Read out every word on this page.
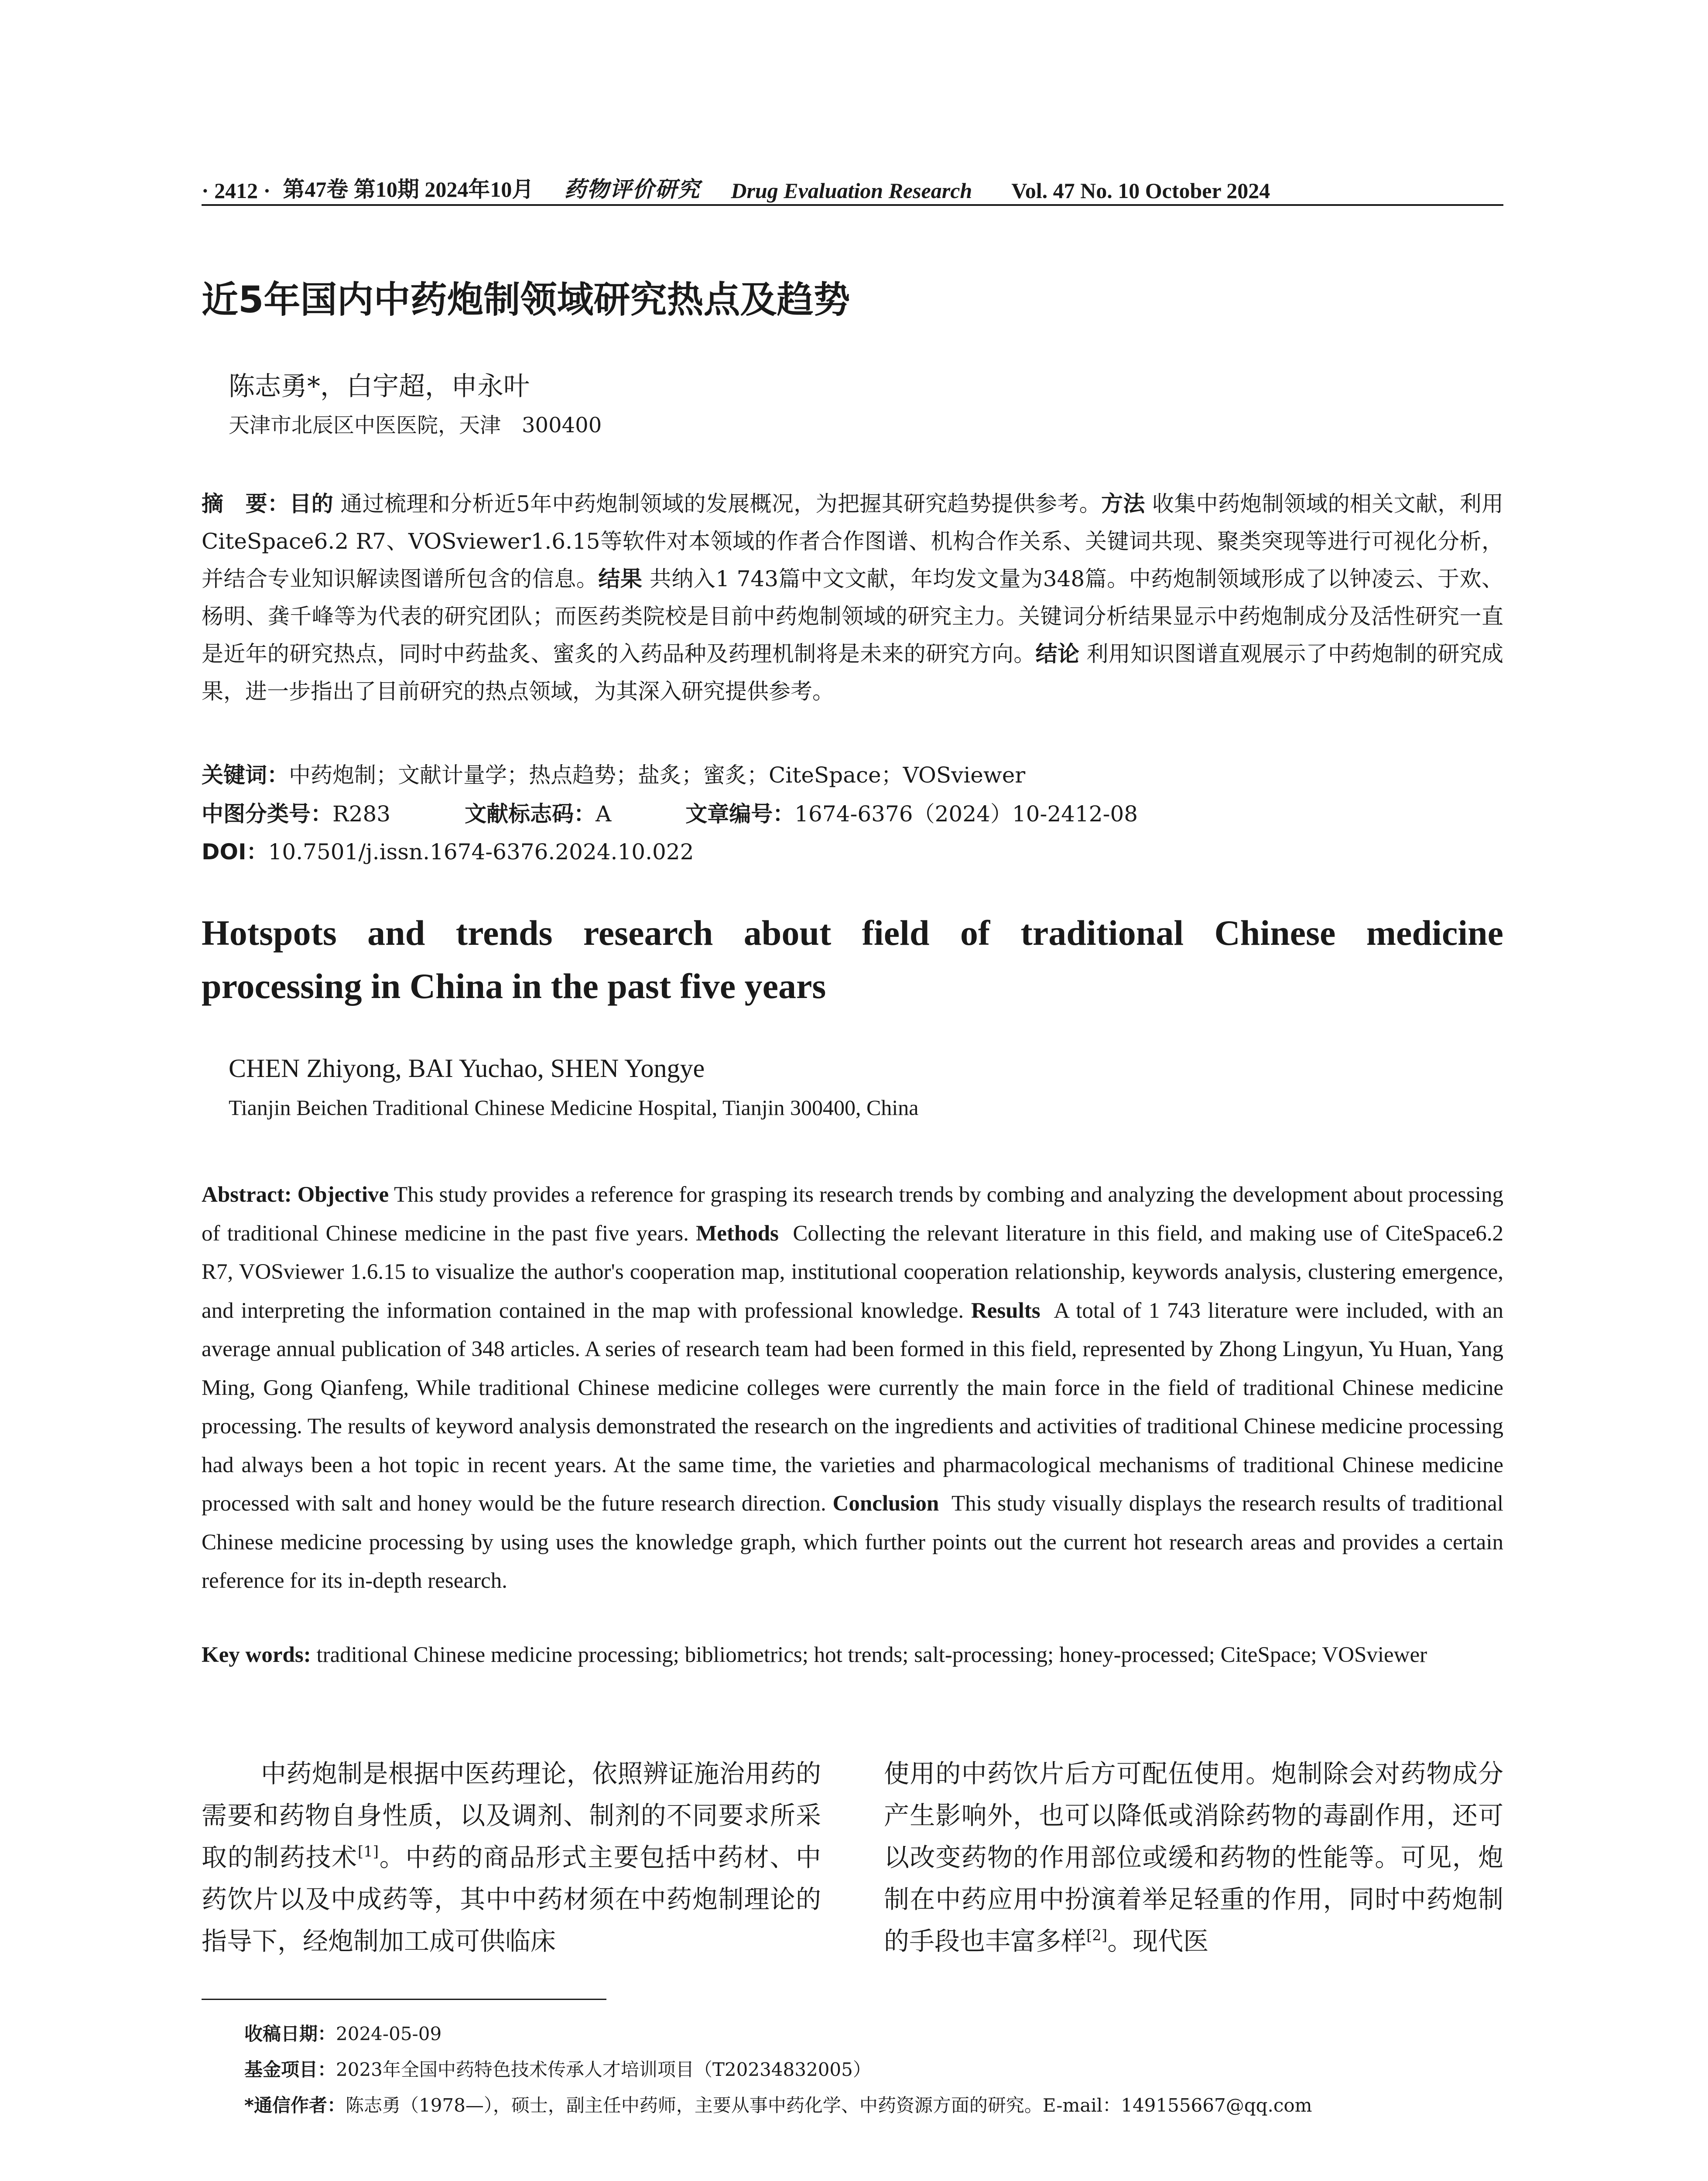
· 2412 · 第47卷 第10期 2024年10月 药物评价研究 Drug Evaluation Research Vol. 47 No. 10 October 2024
近5年国内中药炮制领域研究热点及趋势
陈志勇*，白宇超，申永叶
天津市北辰区中医医院，天津　300400
摘　要：目的 通过梳理和分析近5年中药炮制领域的发展概况，为把握其研究趋势提供参考。方法 收集中药炮制领域的相关文献，利用CiteSpace6.2 R7、VOSviewer1.6.15等软件对本领域的作者合作图谱、机构合作关系、关键词共现、聚类突现等进行可视化分析，并结合专业知识解读图谱所包含的信息。结果 共纳入1 743篇中文文献，年均发文量为348篇。中药炮制领域形成了以钟凌云、于欢、杨明、龚千峰等为代表的研究团队；而医药类院校是目前中药炮制领域的研究主力。关键词分析结果显示中药炮制成分及活性研究一直是近年的研究热点，同时中药盐炙、蜜炙的入药品种及药理机制将是未来的研究方向。结论 利用知识图谱直观展示了中药炮制的研究成果，进一步指出了目前研究的热点领域，为其深入研究提供参考。
关键词：中药炮制；文献计量学；热点趋势；盐炙；蜜炙；CiteSpace；VOSviewer
中图分类号：R283	文献标志码：A	文章编号：1674-6376（2024）10-2412-08
DOI：10.7501/j.issn.1674-6376.2024.10.022
Hotspots and trends research about field of traditional Chinese medicine
processing in China in the past five years
CHEN Zhiyong, BAI Yuchao, SHEN Yongye
Tianjin Beichen Traditional Chinese Medicine Hospital, Tianjin 300400, China
Abstract: Objective This study provides a reference for grasping its research trends by combing and analyzing the development about processing of traditional Chinese medicine in the past five years. Methods Collecting the relevant literature in this field, and making use of CiteSpace6.2 R7, VOSviewer 1.6.15 to visualize the author's cooperation map, institutional cooperation relationship, keywords analysis, clustering emergence, and interpreting the information contained in the map with professional knowledge. Results A total of 1 743 literature were included, with an average annual publication of 348 articles. A series of research team had been formed in this field, represented by Zhong Lingyun, Yu Huan, Yang Ming, Gong Qianfeng, While traditional Chinese medicine colleges were currently the main force in the field of traditional Chinese medicine processing. The results of keyword analysis demonstrated the research on the ingredients and activities of traditional Chinese medicine processing had always been a hot topic in recent years. At the same time, the varieties and pharmacological mechanisms of traditional Chinese medicine processed with salt and honey would be the future research direction. Conclusion This study visually displays the research results of traditional Chinese medicine processing by using uses the knowledge graph, which further points out the current hot research areas and provides a certain reference for its in-depth research.
Key words: traditional Chinese medicine processing; bibliometrics; hot trends; salt-processing; honey-processed; CiteSpace; VOSviewer
中药炮制是根据中医药理论，依照辨证施治用药的需要和药物自身性质，以及调剂、制剂的不同要求所采取的制药技术[1]。中药的商品形式主要包括中药材、中药饮片以及中成药等，其中中药材须在中药炮制理论的指导下，经炮制加工成可供临床
使用的中药饮片后方可配伍使用。炮制除会对药物成分产生影响外，也可以降低或消除药物的毒副作用，还可以改变药物的作用部位或缓和药物的性能等。可见，炮制在中药应用中扮演着举足轻重的作用，同时中药炮制的手段也丰富多样[2]。现代医
收稿日期：2024-05-09
基金项目：2023年全国中药特色技术传承人才培训项目（T20234832005）
*通信作者：陈志勇（1978—），硕士，副主任中药师，主要从事中药化学、中药资源方面的研究。E-mail：149155667@qq.com
